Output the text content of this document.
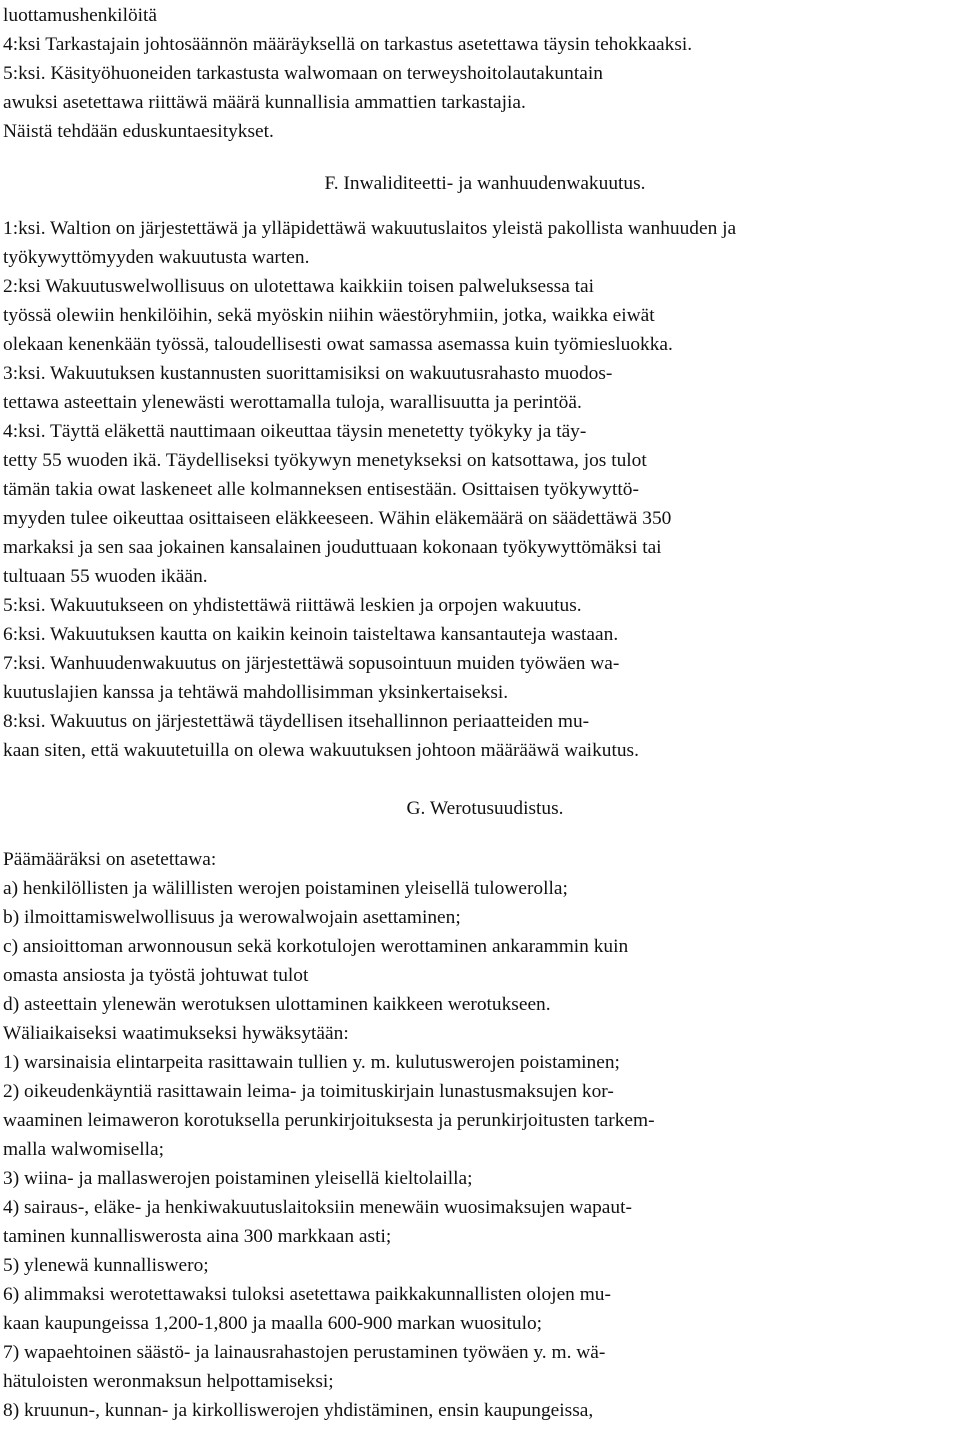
luottamushenkilöitä
4:ksi Tarkastajain johtosäännön määräyksellä on tarkastus asetettawa täysin tehokkaaksi.
5:ksi. Käsityöhuoneiden tarkastusta walwomaan on terweyshoitolautakuntain
awuksi asetettawa riittäwä määrä kunnallisia ammattien tarkastajia.
Näistä tehdään eduskuntaesitykset.
F. Inwaliditeetti- ja wanhuudenwakuutus.
1:ksi. Waltion on järjestettäwä ja ylläpidettäwä wakuutuslaitos yleistä pakollista wanhuuden ja
työkywyttömyyden wakuutusta warten.
2:ksi Wakuutuswelwollisuus on ulotettawa kaikkiin toisen palweluksessa tai
työssä olewiin henkilöihin, sekä myöskin niihin wäestöryhmiin, jotka, waikka eiwät
olekaan kenenkään työssä, taloudellisesti owat samassa asemassa kuin työmiesluokka.
3:ksi. Wakuutuksen kustannusten suorittamisiksi on wakuutusrahasto muodos-
tettawa asteettain ylenewästi werottamalla tuloja, warallisuutta ja perintöä.
4:ksi. Täyttä eläkettä nauttimaan oikeuttaa täysin menetetty työkyky ja täy-
tetty 55 wuoden ikä. Täydelliseksi työkywyn menetykseksi on katsottawa, jos tulot
tämän takia owat laskeneet alle kolmanneksen entisestään. Osittaisen työkywyttö-
myyden tulee oikeuttaa osittaiseen eläkkeeseen. Wähin eläkemäärä on säädettäwä 350
markaksi ja sen saa jokainen kansalainen jouduttuaan kokonaan työkywyttömäksi tai
tultuaan 55 wuoden ikään.
5:ksi. Wakuutukseen on yhdistettäwä riittäwä leskien ja orpojen wakuutus.
6:ksi. Wakuutuksen kautta on kaikin keinoin taisteltawa kansantauteja wastaan.
7:ksi. Wanhuudenwakuutus on järjestettäwä sopusointuun muiden työwäen wa-
kuutuslajien kanssa ja tehtäwä mahdollisimman yksinkertaiseksi.
8:ksi. Wakuutus on järjestettäwä täydellisen itsehallinnon periaatteiden mu-
kaan siten, että wakuutetuilla on olewa wakuutuksen johtoon määrääwä waikutus.
G. Werotusuudistus.
Päämääräksi on asetettawa:
a) henkilöllisten ja wälillisten werojen poistaminen yleisellä tulowerolla;
b) ilmoittamiswelwollisuus ja werowalwojain asettaminen;
c) ansioittoman arwonnousun sekä korkotulojen werottaminen ankarammin kuin
omasta ansiosta ja työstä johtuwat tulot
d) asteettain ylenewän werotuksen ulottaminen kaikkeen werotukseen.
Wäliaikaiseksi waatimukseksi hywäksytään:
1) warsinaisia elintarpeita rasittawain tullien y. m. kulutuswerojen poistaminen;
2) oikeudenkäyntiä rasittawain leima- ja toimituskirjain lunastusmaksujen kor-
waaminen leimaweron korotuksella perunkirjoituksesta ja perunkirjoitusten tarkem-
malla walwomisella;
3) wiina- ja mallaswerojen poistaminen yleisellä kieltolailla;
4) sairaus-, eläke- ja henkiwakuutuslaitoksiin menewäin wuosimaksujen wapaut-
taminen kunnalliswerosta aina 300 markkaan asti;
5) ylenewä kunnalliswero;
6) alimmaksi werotettawaksi tuloksi asetettawa paikkakunnallisten olojen mu-
kaan kaupungeissa 1,200-1,800 ja maalla 600-900 markan wuositulo;
7) wapaehtoinen säästö- ja lainausrahastojen perustaminen työwäen y. m. wä-
hätuloisten weronmaksun helpottamiseksi;
8) kruunun-, kunnan- ja kirkolliswerojen yhdistäminen, ensin kaupungeissa,
